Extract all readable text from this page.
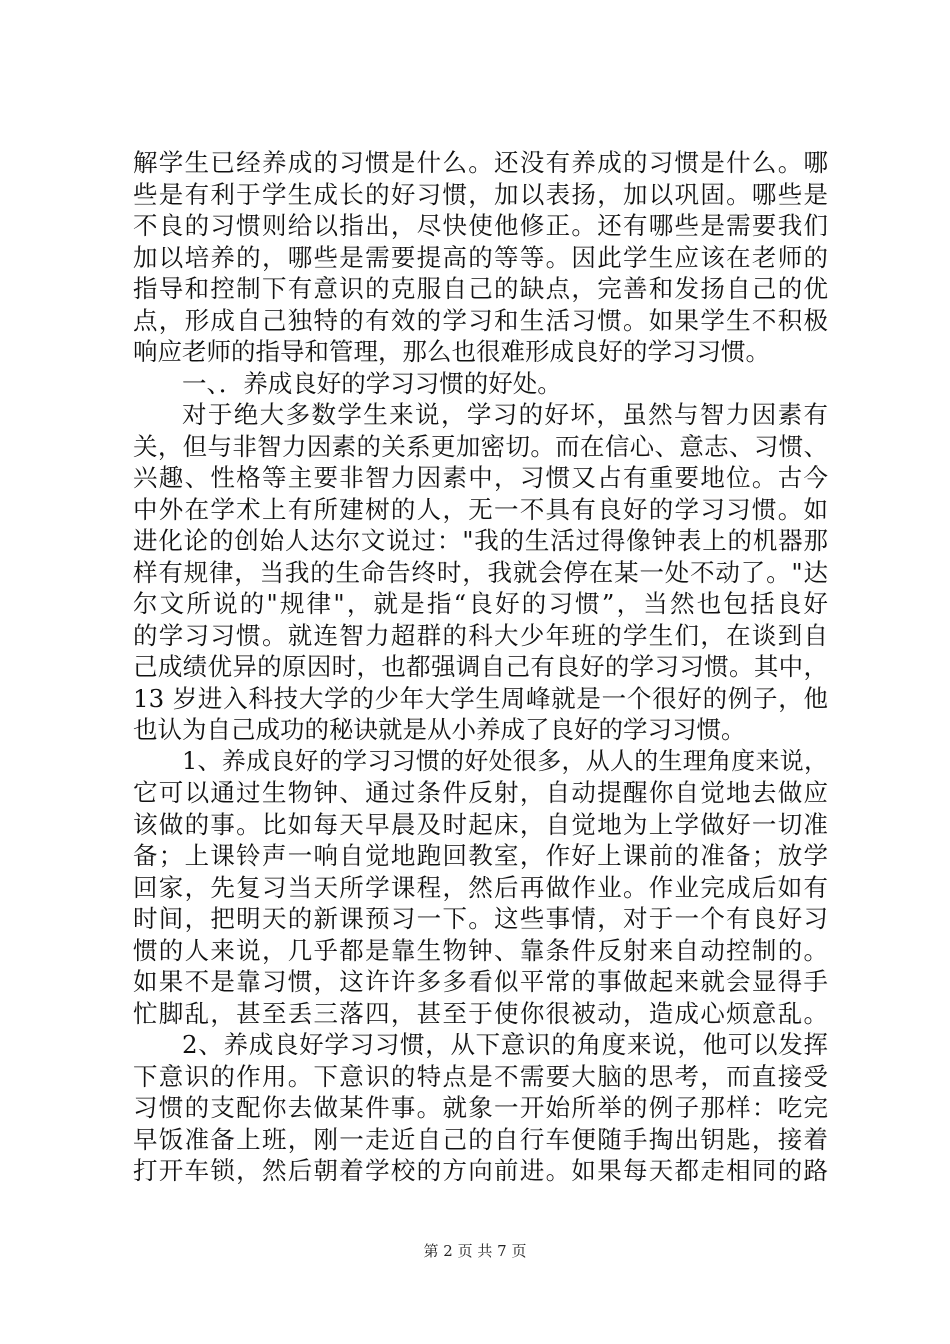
解学生已经养成的习惯是什么。还没有养成的习惯是什么。哪
些是有利于学生成长的好习惯，加以表扬，加以巩固。哪些是
不良的习惯则给以指出，尽快使他修正。还有哪些是需要我们
加以培养的，哪些是需要提高的等等。因此学生应该在老师的
指导和控制下有意识的克服自己的缺点，完善和发扬自己的优
点，形成自己独特的有效的学习和生活习惯。如果学生不积极
响应老师的指导和管理，那么也很难形成良好的学习习惯。
一、．养成良好的学习习惯的好处。
对于绝大多数学生来说，学习的好坏，虽然与智力因素有
关，但与非智力因素的关系更加密切。而在信心、意志、习惯、
兴趣、性格等主要非智力因素中，习惯又占有重要地位。古今
中外在学术上有所建树的人，无一不具有良好的学习习惯。如
进化论的创始人达尔文说过："我的生活过得像钟表上的机器那
样有规律，当我的生命告终时，我就会停在某一处不动了。"达
尔文所说的"规律"，就是指“良好的习惯”，当然也包括良好
的学习习惯。就连智力超群的科大少年班的学生们，在谈到自
己成绩优异的原因时，也都强调自己有良好的学习习惯。其中，
13 岁进入科技大学的少年大学生周峰就是一个很好的例子，他
也认为自己成功的秘诀就是从小养成了良好的学习习惯。
1、养成良好的学习习惯的好处很多，从人的生理角度来说，
它可以通过生物钟、通过条件反射，自动提醒你自觉地去做应
该做的事。比如每天早晨及时起床，自觉地为上学做好一切准
备；上课铃声一响自觉地跑回教室，作好上课前的准备；放学
回家，先复习当天所学课程，然后再做作业。作业完成后如有
时间，把明天的新课预习一下。这些事情，对于一个有良好习
惯的人来说，几乎都是靠生物钟、靠条件反射来自动控制的。
如果不是靠习惯，这许许多多看似平常的事做起来就会显得手
忙脚乱，甚至丢三落四，甚至于使你很被动，造成心烦意乱。
2、养成良好学习习惯，从下意识的角度来说，他可以发挥
下意识的作用。下意识的特点是不需要大脑的思考，而直接受
习惯的支配你去做某件事。就象一开始所举的例子那样：吃完
早饭准备上班，刚一走近自己的自行车便随手掏出钥匙，接着
打开车锁，然后朝着学校的方向前进。如果每天都走相同的路
第 2 页 共 7 页
